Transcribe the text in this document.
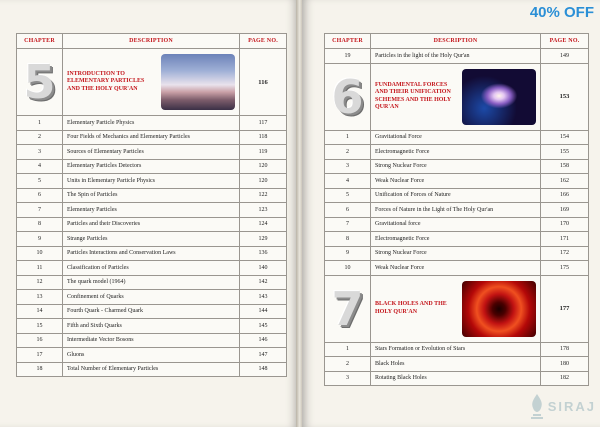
CHAPTER	DESCRIPTION	PAGE NO.

5	INTRODUCTION TO ELEMENTARY PARTICLES AND THE HOLY QUR'AN	116
1	Elementary Particle Physics	117
2	Four Fields of Mechanics and Elementary Particles	118
3	Sources of Elementary Particles	119
4	Elementary Particles Detectors	120
5	Units in Elementary Particle Physics	120
6	The Spin of Particles	122
7	Elementary Particles	123
8	Particles and their Discoveries	124
9	Strange Particles	129
10	Particles Interactions and Conservation Laws	136
11	Classification of Particles	140
12	The quark model (1964)	142
13	Confinement of Quarks	143
14	Fourth Quark - Charmed Quark	144
15	Fifth and Sixth Quarks	145
16	Intermediate Vector Bosons	146
17	Gluons	147
18	Total Number of Elementary Particles	148
CHAPTER	DESCRIPTION	PAGE NO.
19	Particles in the light of the Holy Qur'an	149

6	FUNDAMENTAL FORCES AND THEIR UNIFICATION SCHEMES AND THE HOLY QUR'AN	153
1	Gravitational Force	154
2	Electromagnetic Force	155
3	Strong Nuclear Force	158
4	Weak Nuclear Force	162
5	Unification of Forces of Nature	166
6	Forces of Nature in the Light of The Holy Qur'an	169
7	Gravitational force	170
8	Electromagnetic Force	171
9	Strong Nuclear Force	172
10	Weak Nuclear Force	175

7	BLACK HOLES AND THE HOLY QUR'AN	177
1	Stars Formation or Evolution of Stars	178
2	Black Holes	180
3	Rotating Black Holes	182
40% OFF
SIRAJ
